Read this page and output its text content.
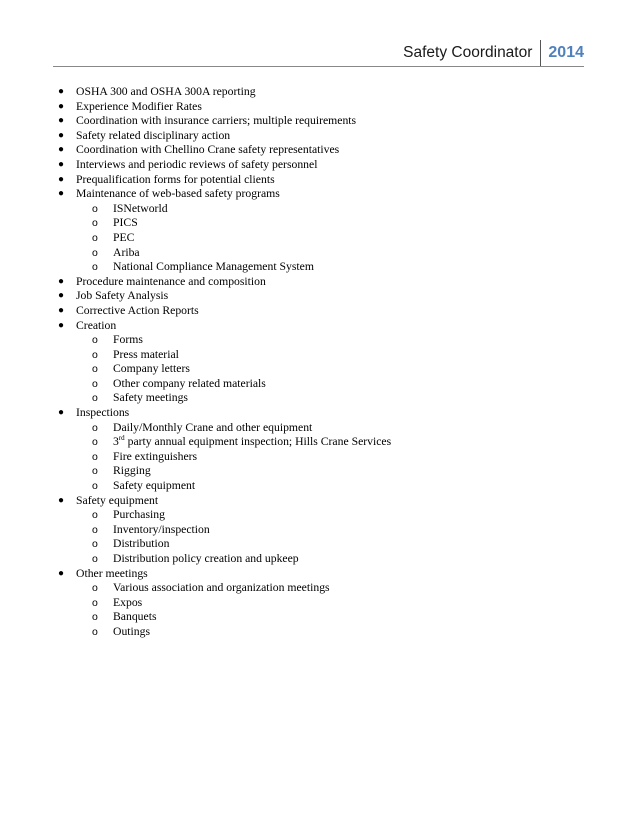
Safety Coordinator	2014
● OSHA 300 and OSHA 300A reporting
● Experience Modifier Rates
● Coordination with insurance carriers; multiple requirements
● Safety related disciplinary action
● Coordination with Chellino Crane safety representatives
● Interviews and periodic reviews of safety personnel
● Prequalification forms for potential clients
● Maintenance of web-based safety programs
o ISNetworld
o PICS
o PEC
o Ariba
o National Compliance Management System
● Procedure maintenance and composition
● Job Safety Analysis
● Corrective Action Reports
● Creation
o Forms
o Press material
o Company letters
o Other company related materials
o Safety meetings
● Inspections
o Daily/Monthly Crane and other equipment
o 3rd party annual equipment inspection; Hills Crane Services
o Fire extinguishers
o Rigging
o Safety equipment
● Safety equipment
o Purchasing
o Inventory/inspection
o Distribution
o Distribution policy creation and upkeep
● Other meetings
o Various association and organization meetings
o Expos
o Banquets
o Outings
